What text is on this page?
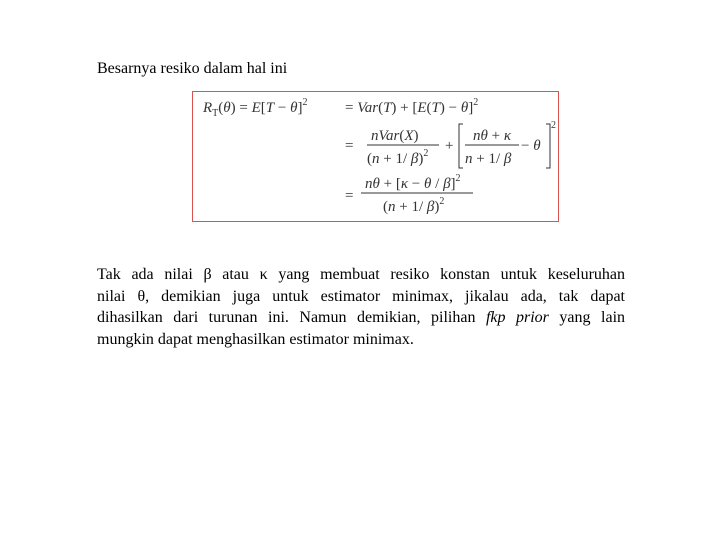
Besarnya resiko dalam hal ini
$R_T(\theta) = E[T - \theta]^2$	= $Var(T) + [E(T) - \theta]^2$
=
nVar(X)
(n + 1/ β)$^2$ +
nθ + κ
n + 1/ β
− θ
2
=
$n\theta + [\kappa - \theta / \beta]^2$
(n + 1/ β)$^2$
Tak ada nilai β atau κ yang membuat resiko konstan untuk keseluruhan
nilai θ, demikian juga untuk estimator minimax, jikalau ada, tak dapat
dihasilkan dari turunan ini. Namun demikian, pilihan fkp prior yang lain
mungkin dapat menghasilkan estimator minimax.
